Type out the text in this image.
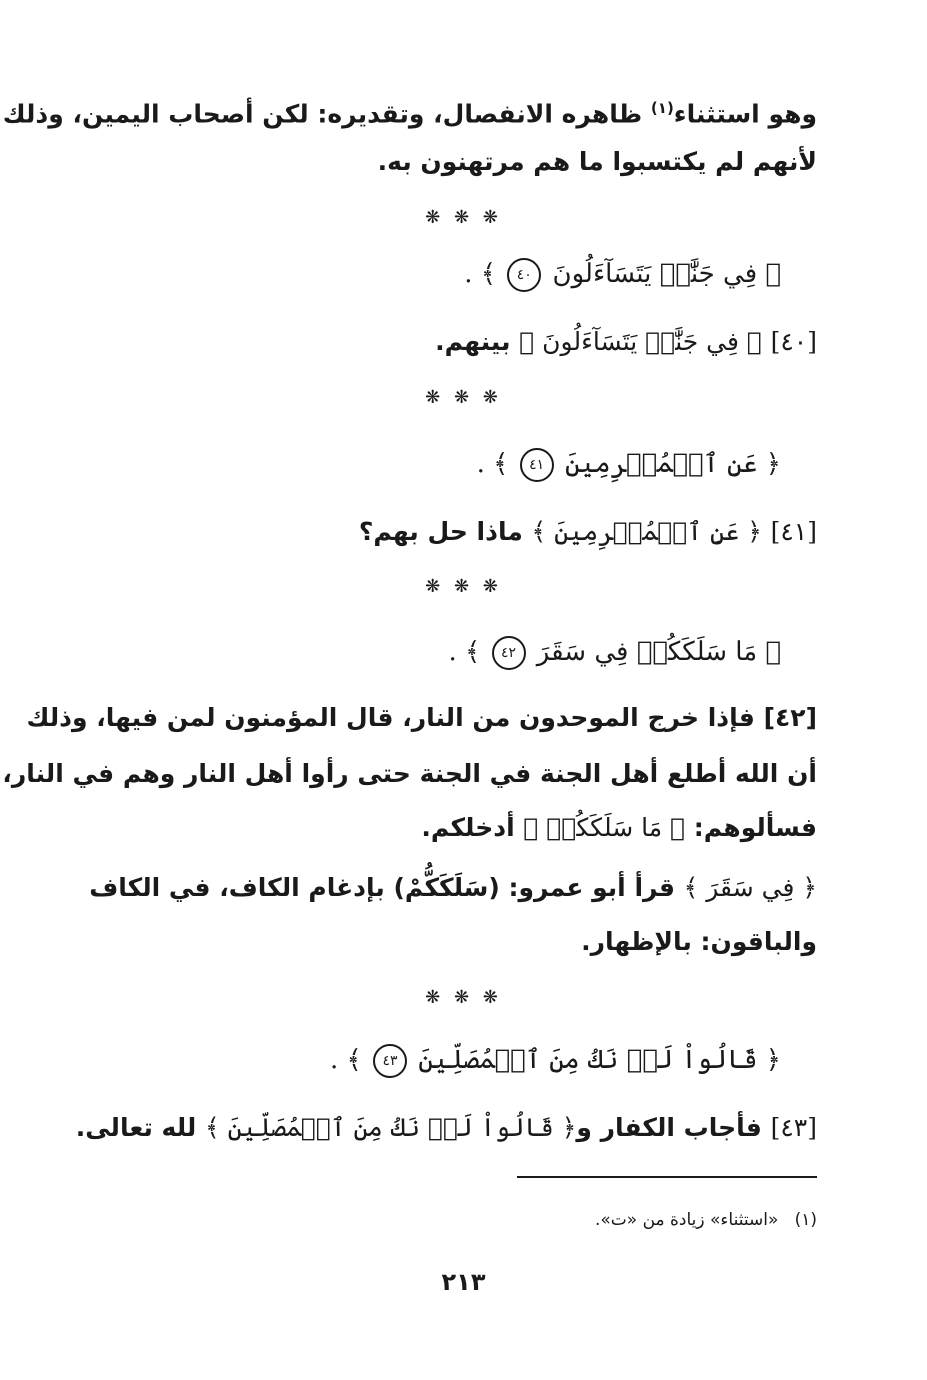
وهو استثناء$^{(١)}$ ظاهره الانفصال، وتقديره: لكن أصحاب اليمين، وذلك
لأنهم لم يكتسبوا ما هم مرتهنون به.
❋ ❋ ❋
﴿ فِي جَنَّٰتٖ يَتَسَآءَلُونَ ٤٠ ﴾ .
[٤٠] ﴿ فِي جَنَّٰتٖ يَتَسَآءَلُونَ ﴾ بينهم.
❋ ❋ ❋
﴿ عَنِ ٱلۡمُجۡرِمِينَ ٤١ ﴾ .
[٤١] ﴿ عَنِ ٱلۡمُجۡرِمِينَ ﴾ ماذا حل بهم؟
❋ ❋ ❋
﴿ مَا سَلَكَكُمۡ فِي سَقَرَ ٤٢ ﴾ .
[٤٢] فإذا خرج الموحدون من النار، قال المؤمنون لمن فيها، وذلك
أن الله أطلع أهل الجنة في الجنة حتى رأوا أهل النار وهم في النار،
فسألوهم: ﴿ مَا سَلَكَكُمۡ ﴾ أدخلكم.
﴿ فِي سَقَرَ ﴾ قرأ أبو عمرو: (سَلَكَكُّمْ) بإدغام الكاف، في الكاف
والباقون: بالإظهار.
❋ ❋ ❋
﴿ قَالُواْ لَمۡ نَكُ مِنَ ٱلۡمُصَلِّينَ ٤٣ ﴾ .
[٤٣] فأجاب الكفار و﴿ قَالُواْ لَمۡ نَكُ مِنَ ٱلۡمُصَلِّينَ ﴾ لله تعالى.
(١)   «استثناء» زيادة من «ت».
٢١٣
